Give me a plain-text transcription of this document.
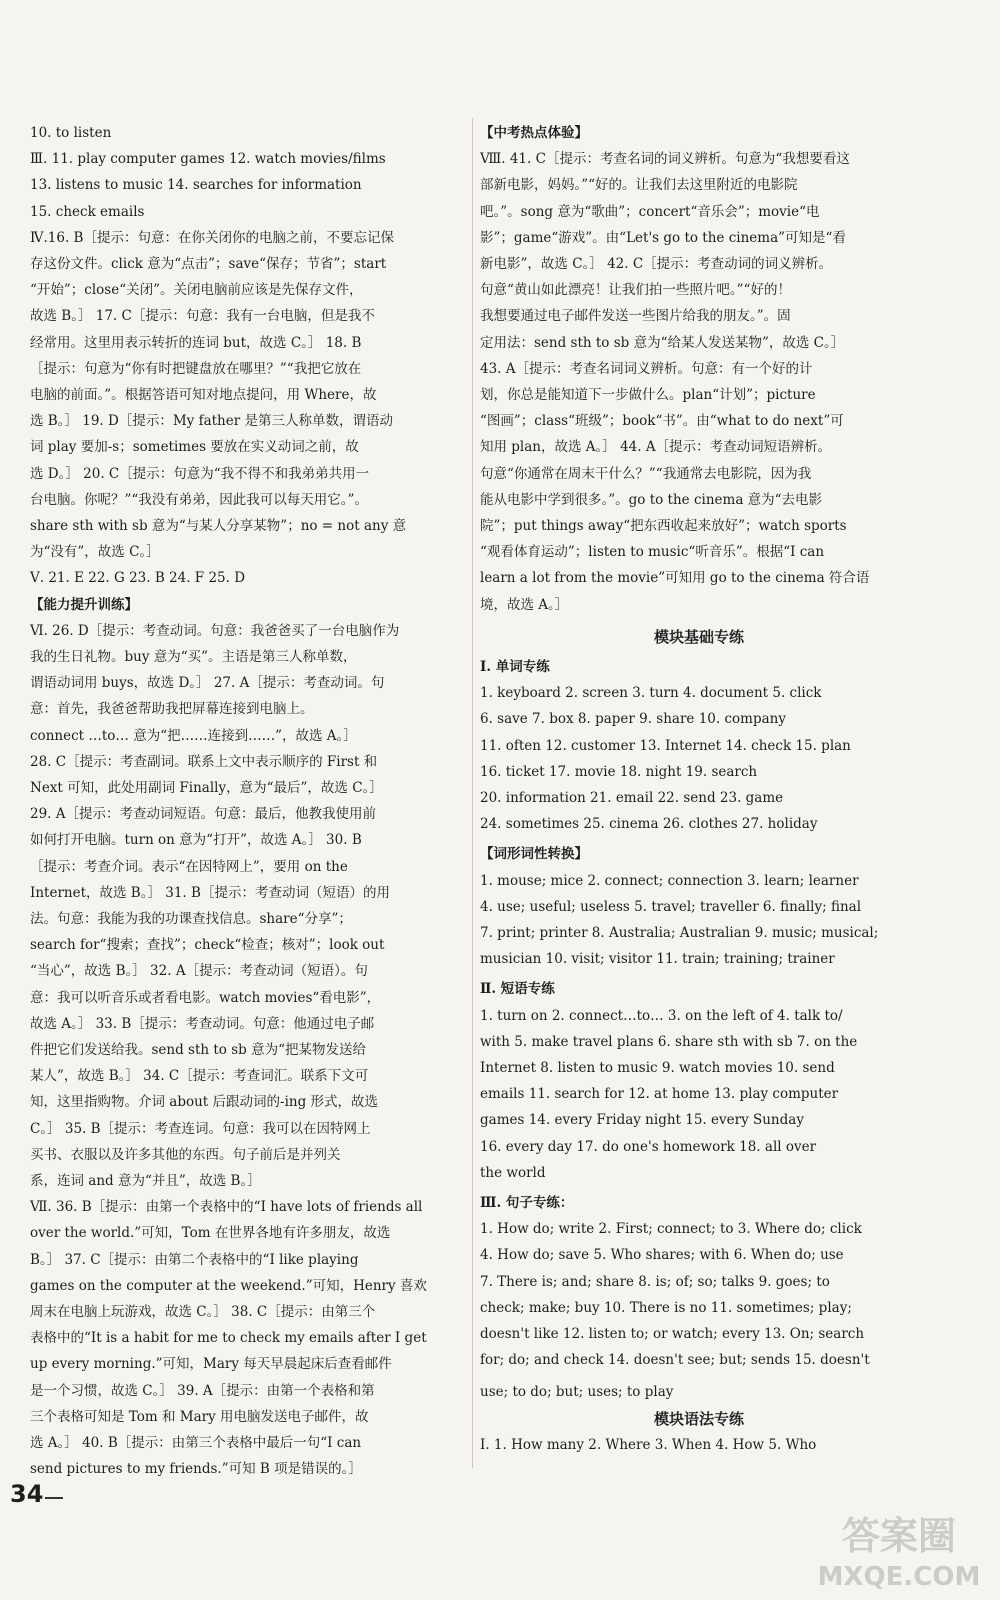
10. to listen
Ⅲ. 11. play computer games 12. watch movies/films
13. listens to music 14. searches for information
15. check emails
Ⅳ.16. B［提示：句意：在你关闭你的电脑之前，不要忘记保
存这份文件。click 意为“点击”；save“保存；节省”；start
“开始”；close“关闭”。关闭电脑前应该是先保存文件，
故选 B。］ 17. C［提示：句意：我有一台电脑，但是我不
经常用。这里用表示转折的连词 but，故选 C。］ 18. B
［提示：句意为“你有时把键盘放在哪里？”“我把它放在
电脑的前面。”。根据答语可知对地点提问，用 Where，故
选 B。］ 19. D［提示：My father 是第三人称单数，谓语动
词 play 要加-s；sometimes 要放在实义动词之前，故
选 D。］ 20. C［提示：句意为“我不得不和我弟弟共用一
台电脑。你呢？”“我没有弟弟，因此我可以每天用它。”。
share sth with sb 意为“与某人分享某物”；no = not any 意
为“没有”，故选 C。］
Ⅴ. 21. E 22. G 23. B 24. F 25. D
【能力提升训练】
Ⅵ. 26. D［提示：考查动词。句意：我爸爸买了一台电脑作为
我的生日礼物。buy 意为“买”。主语是第三人称单数，
谓语动词用 buys，故选 D。］ 27. A［提示：考查动词。句
意：首先，我爸爸帮助我把屏幕连接到电脑上。
connect …to… 意为“把……连接到……”，故选 A。］
28. C［提示：考查副词。联系上文中表示顺序的 First 和
Next 可知，此处用副词 Finally，意为“最后”，故选 C。］
29. A［提示：考查动词短语。句意：最后，他教我使用前
如何打开电脑。turn on 意为“打开”，故选 A。］ 30. B
［提示：考查介词。表示“在因特网上”，要用 on the
Internet，故选 B。］ 31. B［提示：考查动词（短语）的用
法。句意：我能为我的功课查找信息。share“分享”；
search for“搜索；查找”；check“检查；核对”；look out
“当心”，故选 B。］ 32. A［提示：考查动词（短语）。句
意：我可以听音乐或者看电影。watch movies“看电影”，
故选 A。］ 33. B［提示：考查动词。句意：他通过电子邮
件把它们发送给我。send sth to sb 意为“把某物发送给
某人”，故选 B。］ 34. C［提示：考查词汇。联系下文可
知，这里指购物。介词 about 后跟动词的-ing 形式，故选
C。］ 35. B［提示：考查连词。句意：我可以在因特网上
买书、衣服以及许多其他的东西。句子前后是并列关
系，连词 and 意为“并且”，故选 B。］
Ⅶ. 36. B［提示：由第一个表格中的“I have lots of friends all
over the world.”可知，Tom 在世界各地有许多朋友，故选
B。］ 37. C［提示：由第二个表格中的“I like playing
games on the computer at the weekend.”可知，Henry 喜欢
周末在电脑上玩游戏，故选 C。］ 38. C［提示：由第三个
表格中的“It is a habit for me to check my emails after I get
up every morning.”可知，Mary 每天早晨起床后查看邮件
是一个习惯，故选 C。］ 39. A［提示：由第一个表格和第
三个表格可知是 Tom 和 Mary 用电脑发送电子邮件，故
选 A。］ 40. B［提示：由第三个表格中最后一句“I can
send pictures to my friends.”可知 B 项是错误的。］
【中考热点体验】
Ⅷ. 41. C［提示：考查名词的词义辨析。句意为“我想要看这
部新电影，妈妈。”“好的。让我们去这里附近的电影院
吧。”。song 意为“歌曲”；concert“音乐会”；movie“电
影”；game“游戏”。由“Let's go to the cinema”可知是“看
新电影”，故选 C。］ 42. C［提示：考查动词的词义辨析。
句意“黄山如此漂亮！让我们拍一些照片吧。”“好的！
我想要通过电子邮件发送一些图片给我的朋友。”。固
定用法：send sth to sb 意为“给某人发送某物”，故选 C。］
43. A［提示：考查名词词义辨析。句意：有一个好的计
划，你总是能知道下一步做什么。plan“计划”；picture
“图画”；class“班级”；book“书”。由“what to do next”可
知用 plan，故选 A。］ 44. A［提示：考查动词短语辨析。
句意“你通常在周末干什么？”“我通常去电影院，因为我
能从电影中学到很多。”。go to the cinema 意为“去电影
院”；put things away“把东西收起来放好”；watch sports
“观看体育运动”；listen to music“听音乐”。根据“I can
learn a lot from the movie”可知用 go to the cinema 符合语
境，故选 A。］
模块基础专练
Ⅰ. 单词专练
1. keyboard 2. screen 3. turn 4. document 5. click
6. save 7. box 8. paper 9. share 10. company
11. often 12. customer 13. Internet 14. check 15. plan
16. ticket 17. movie 18. night 19. search
20. information 21. email 22. send 23. game
24. sometimes 25. cinema 26. clothes 27. holiday
【词形词性转换】
1. mouse; mice 2. connect; connection 3. learn; learner
4. use; useful; useless 5. travel; traveller 6. finally; final
7. print; printer 8. Australia; Australian 9. music; musical;
musician 10. visit; visitor 11. train; training; trainer
Ⅱ. 短语专练
1. turn on 2. connect…to… 3. on the left of 4. talk to/
with 5. make travel plans 6. share sth with sb 7. on the
Internet 8. listen to music 9. watch movies 10. send
emails 11. search for 12. at home 13. play computer
games 14. every Friday night 15. every Sunday
16. every day 17. do one's homework 18. all over
the world
Ⅲ. 句子专练：
1. How do; write 2. First; connect; to 3. Where do; click
4. How do; save 5. Who shares; with 6. When do; use
7. There is; and; share 8. is; of; so; talks 9. goes; to
check; make; buy 10. There is no 11. sometimes; play;
doesn't like 12. listen to; or watch; every 13. On; search
for; do; and check 14. doesn't see; but; sends 15. doesn't
use; to do; but; uses; to play
模块语法专练
Ⅰ. 1. How many 2. Where 3. When 4. How 5. Who
34
答案圈
MXQE.COM
